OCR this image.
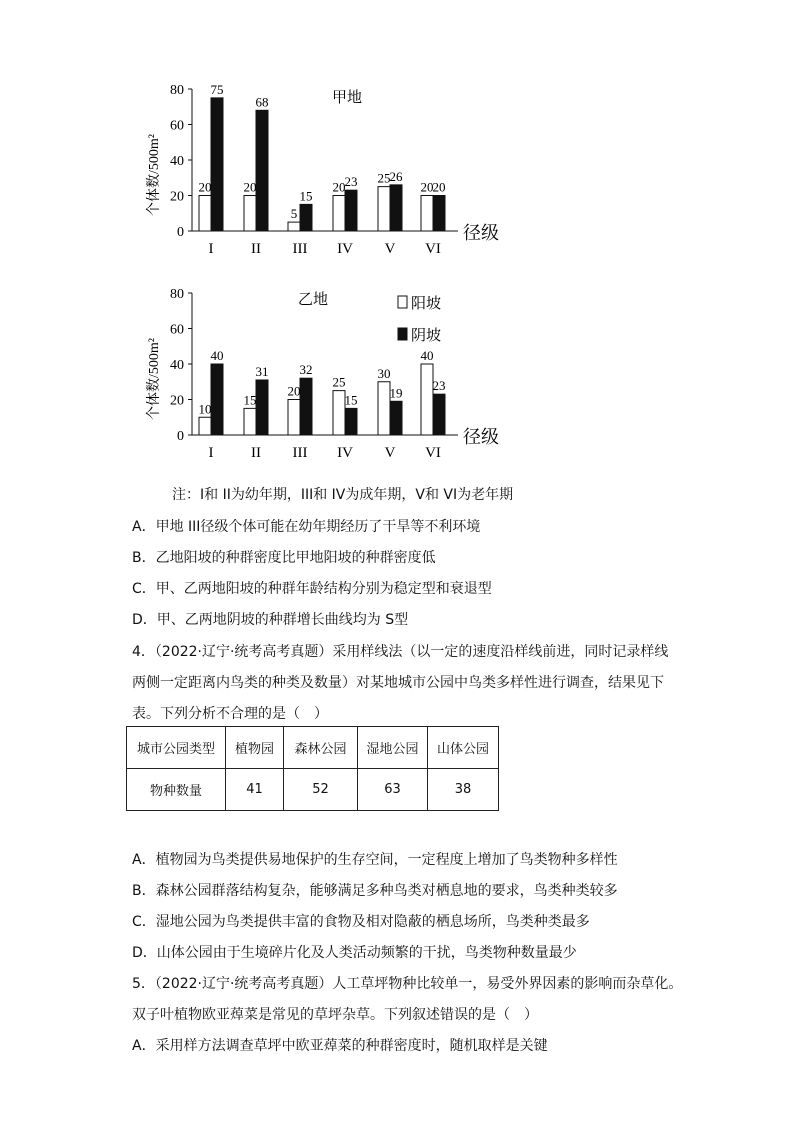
甲地
个体数/500m²
0
20
40
60
80
20
75
I
20
68
II
5
15
III
20 23
IV
25 26
V
20 20
VI
径级
乙地
个体数/500m²
阳坡
阴坡
0
20
40
60
80
10
40
I
15
31
II
20
32
III
25
15
IV
30
19
V
40
23
VI
径级
注：I和 II为幼年期，III和 IV为成年期，V和 VI为老年期
A．甲地 III径级个体可能在幼年期经历了干旱等不利环境
B．乙地阳坡的种群密度比甲地阳坡的种群密度低
C．甲、乙两地阳坡的种群年龄结构分别为稳定型和衰退型
D．甲、乙两地阴坡的种群增长曲线均为 S型
4．（2022·辽宁·统考高考真题）采用样线法（以一定的速度沿样线前进，同时记录样线
两侧一定距离内鸟类的种类及数量）对某地城市公园中鸟类多样性进行调查，结果见下
表。下列分析不合理的是（　）
城市公园类型	植物园	森林公园	湿地公园	山体公园
物种数量	41	52	63	38
A．植物园为鸟类提供易地保护的生存空间，一定程度上增加了鸟类物种多样性
B．森林公园群落结构复杂，能够满足多种鸟类对栖息地的要求，鸟类种类较多
C．湿地公园为鸟类提供丰富的食物及相对隐蔽的栖息场所，鸟类种类最多
D．山体公园由于生境碎片化及人类活动频繁的干扰，鸟类物种数量最少
5．（2022·辽宁·统考高考真题）人工草坪物种比较单一，易受外界因素的影响而杂草化。
双子叶植物欧亚蔊菜是常见的草坪杂草。下列叙述错误的是（　）
A．采用样方法调查草坪中欧亚蔊菜的种群密度时，随机取样是关键
